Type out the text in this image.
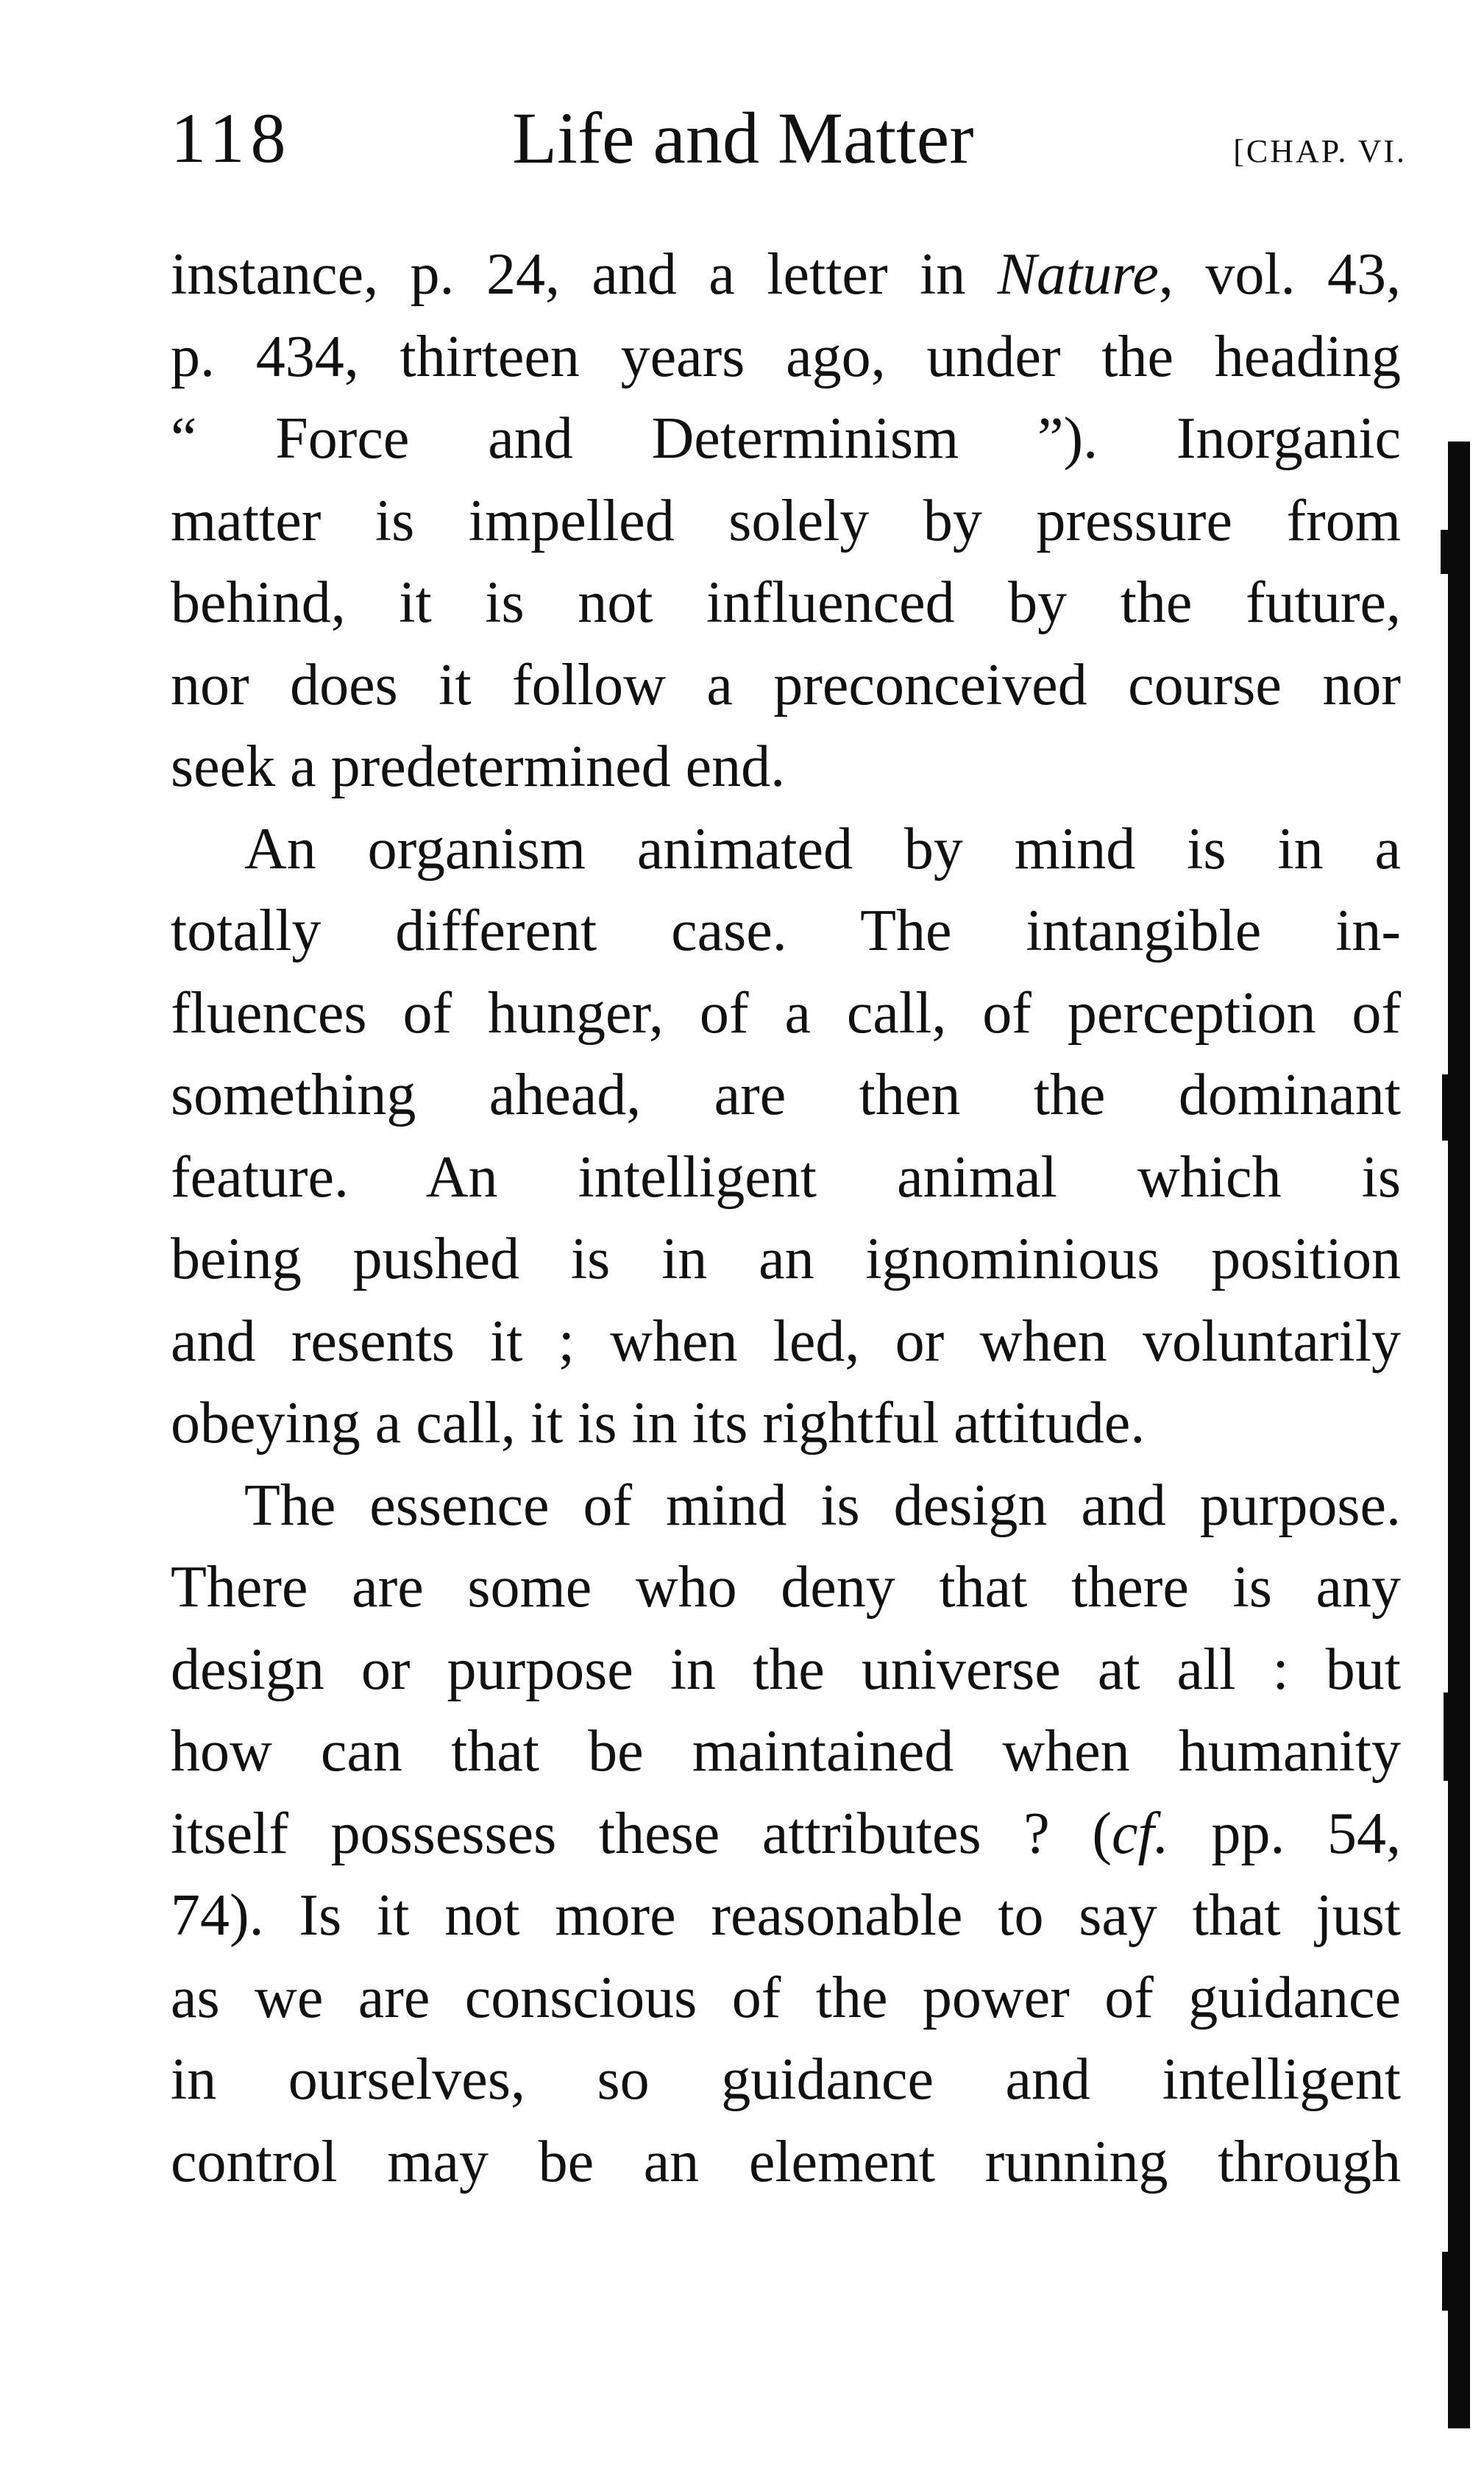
118	Life and Matter	[CHAP. VI.
instance, p. 24, and a letter in Nature, vol. 43,
p. 434, thirteen years ago, under the heading
“ Force and Determinism ”). Inorganic
matter is impelled solely by pressure from
behind, it is not influenced by the future,
nor does it follow a preconceived course nor
seek a predetermined end.
An organism animated by mind is in a
totally different case. The intangible in-
fluences of hunger, of a call, of perception of
something ahead, are then the dominant
feature. An intelligent animal which is
being pushed is in an ignominious position
and resents it ; when led, or when voluntarily
obeying a call, it is in its rightful attitude.
The essence of mind is design and purpose.
There are some who deny that there is any
design or purpose in the universe at all : but
how can that be maintained when humanity
itself possesses these attributes ? (cf. pp. 54,
74). Is it not more reasonable to say that just
as we are conscious of the power of guidance
in ourselves, so guidance and intelligent
control may be an element running through
